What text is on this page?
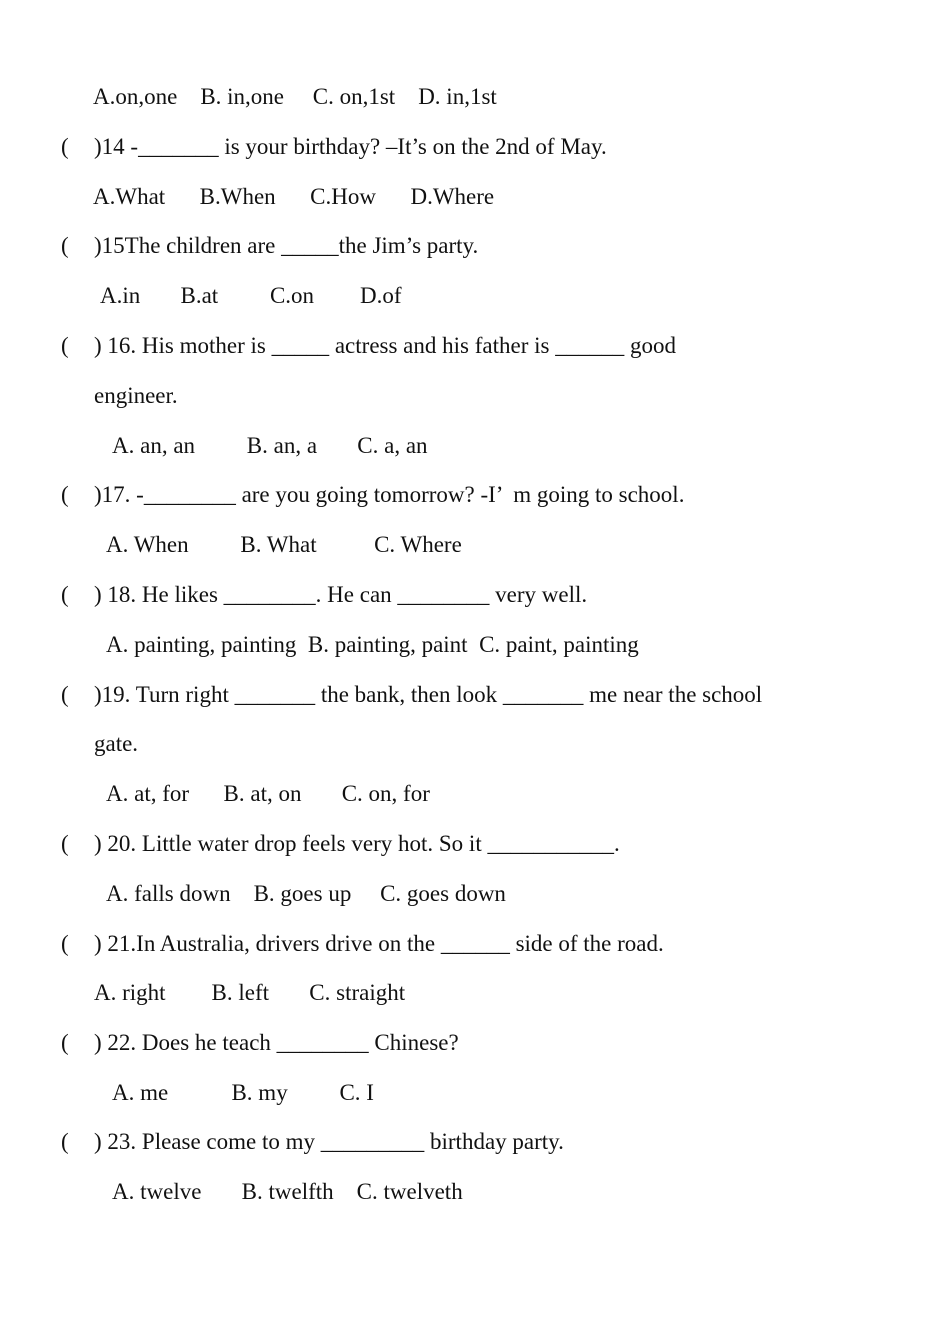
A.on,one    B. in,one     C. on,1st    D. in,1st
( )14 -_______ is your birthday? –It’s on the 2nd of May.
A.What      B.When      C.How      D.Where
( )15The children are _____the Jim’s party.
A.in       B.at         C.on        D.of
( ) 16. His mother is _____ actress and his father is ______ good
engineer.
A. an, an         B. an, a       C. a, an
( )17. -________ are you going tomorrow? -I’  m going to school.
A. When         B. What          C. Where
( ) 18. He likes ________. He can ________ very well.
A. painting, painting  B. painting, paint  C. paint, painting
( )19. Turn right _______ the bank, then look _______ me near the school
gate.
A. at, for      B. at, on       C. on, for
( ) 20. Little water drop feels very hot. So it ___________.
A. falls down    B. goes up     C. goes down
( ) 21.In Australia, drivers drive on the ______ side of the road.
A. right        B. left       C. straight
( ) 22. Does he teach ________ Chinese?
A. me           B. my         C. I
( ) 23. Please come to my _________ birthday party.
A. twelve       B. twelfth    C. twelveth
